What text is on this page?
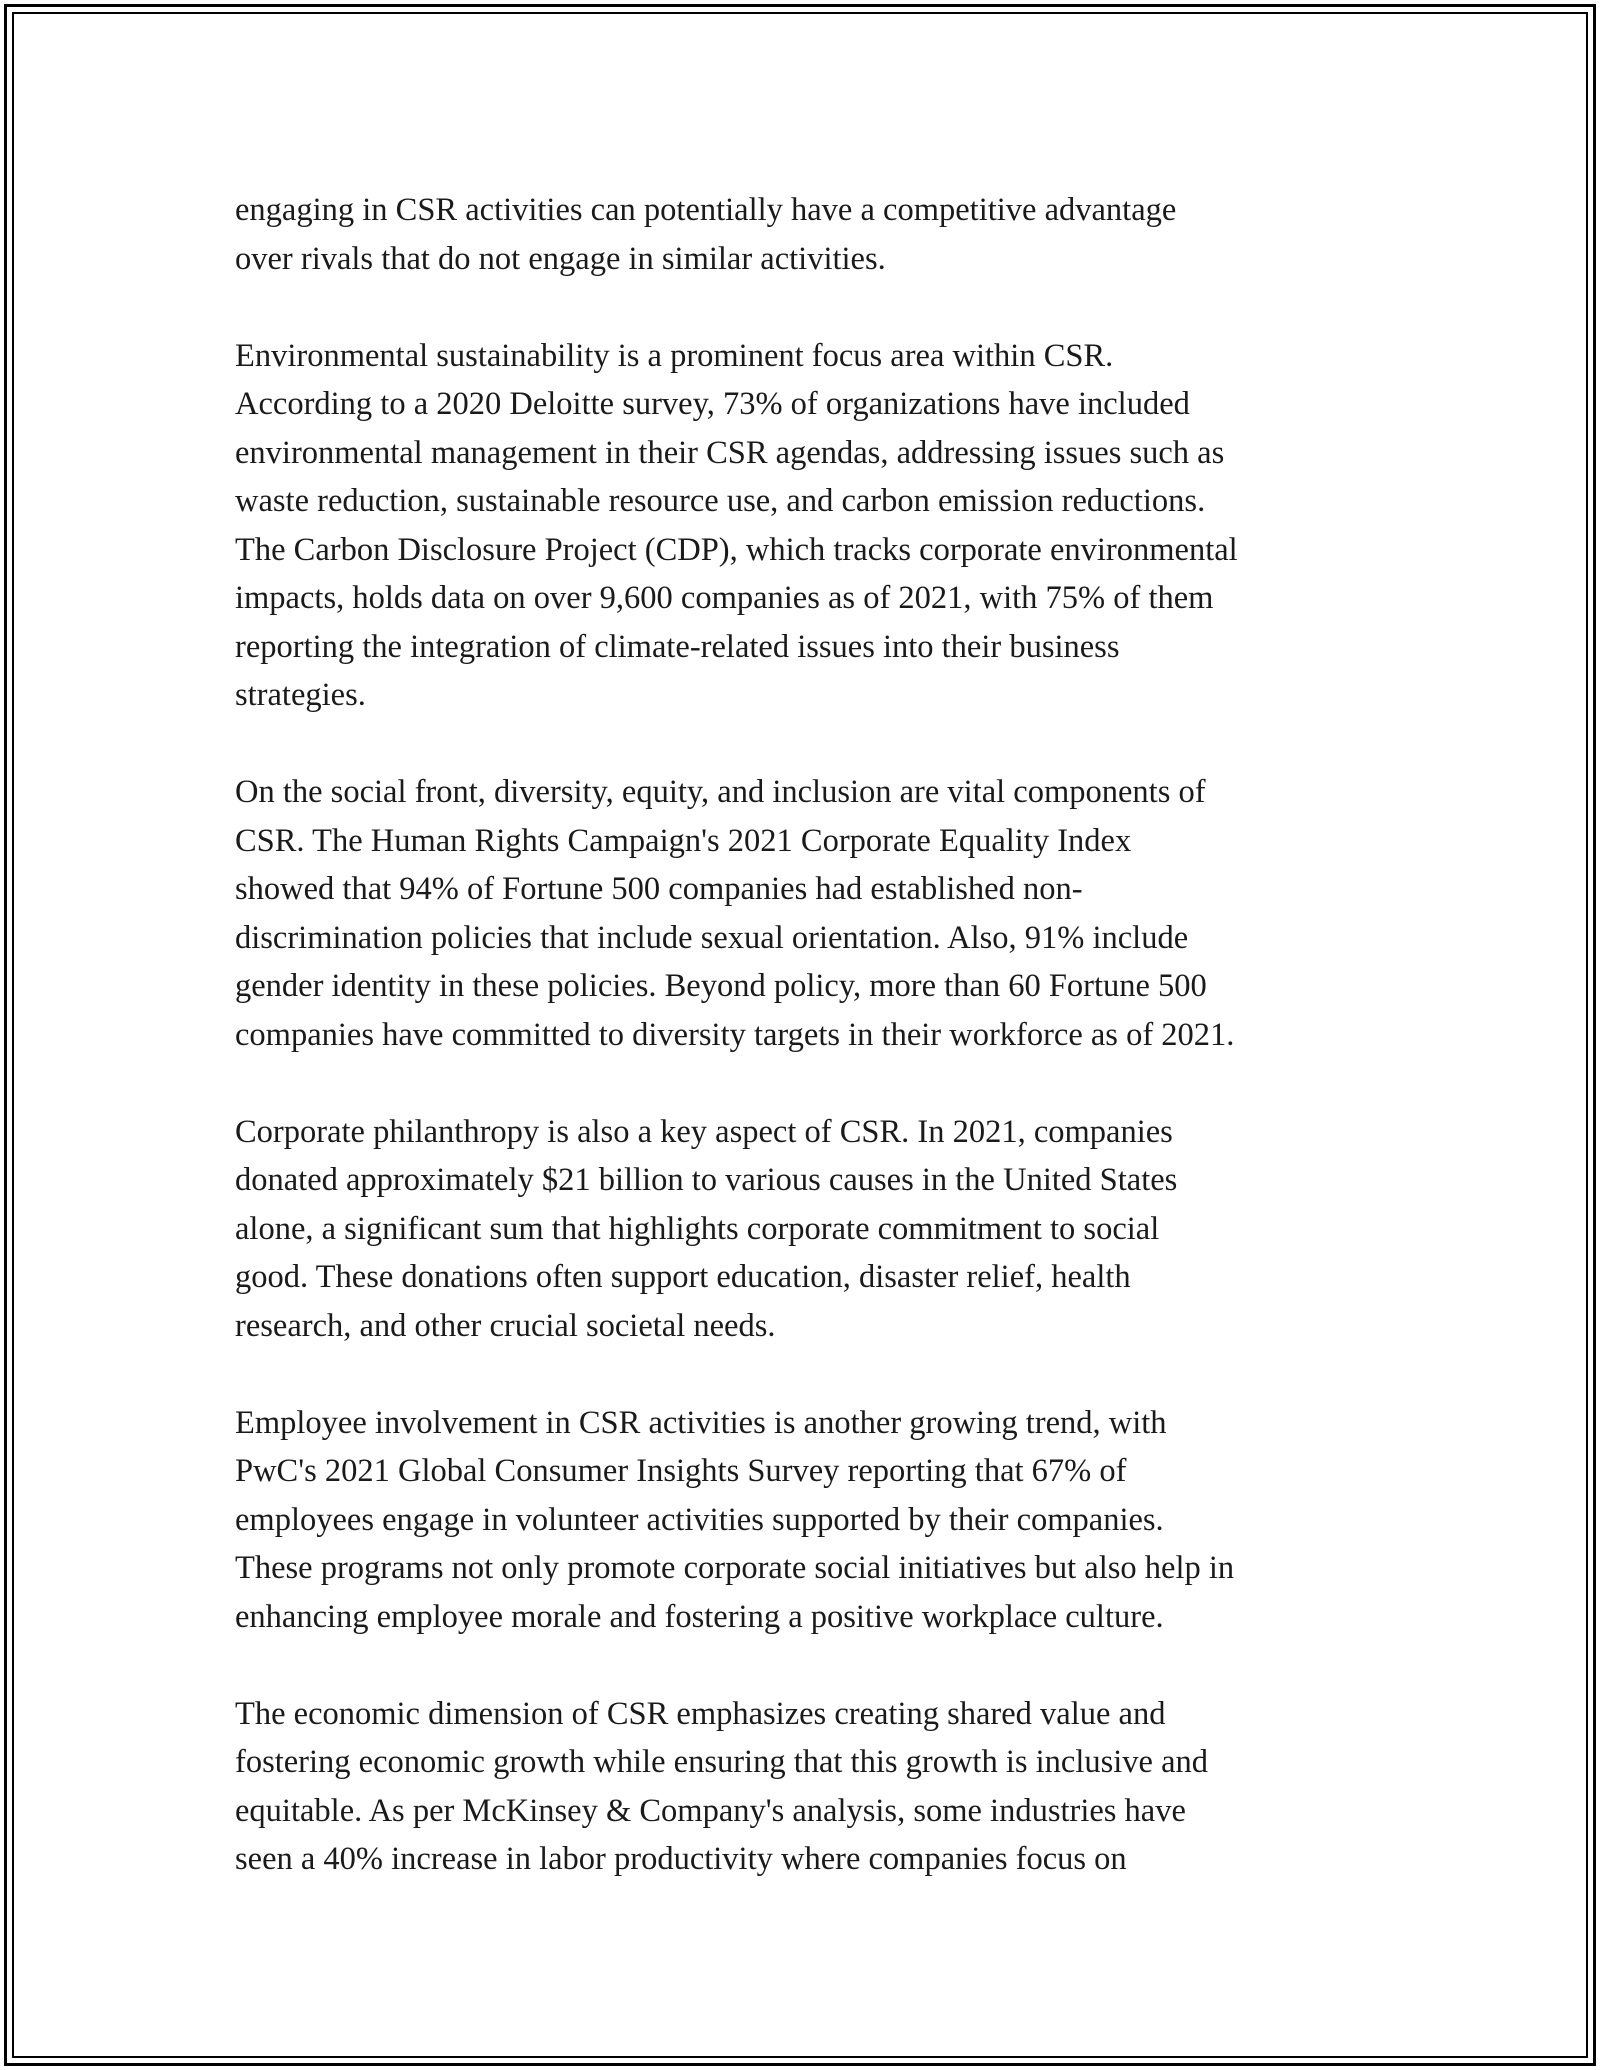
engaging in CSR activities can potentially have a competitive advantage
over rivals that do not engage in similar activities.

Environmental sustainability is a prominent focus area within CSR.
According to a 2020 Deloitte survey, 73% of organizations have included
environmental management in their CSR agendas, addressing issues such as
waste reduction, sustainable resource use, and carbon emission reductions.
The Carbon Disclosure Project (CDP), which tracks corporate environmental
impacts, holds data on over 9,600 companies as of 2021, with 75% of them
reporting the integration of climate-related issues into their business
strategies.

On the social front, diversity, equity, and inclusion are vital components of
CSR. The Human Rights Campaign's 2021 Corporate Equality Index
showed that 94% of Fortune 500 companies had established non-
discrimination policies that include sexual orientation. Also, 91% include
gender identity in these policies. Beyond policy, more than 60 Fortune 500
companies have committed to diversity targets in their workforce as of 2021.

Corporate philanthropy is also a key aspect of CSR. In 2021, companies
donated approximately $21 billion to various causes in the United States
alone, a significant sum that highlights corporate commitment to social
good. These donations often support education, disaster relief, health
research, and other crucial societal needs.

Employee involvement in CSR activities is another growing trend, with
PwC's 2021 Global Consumer Insights Survey reporting that 67% of
employees engage in volunteer activities supported by their companies.
These programs not only promote corporate social initiatives but also help in
enhancing employee morale and fostering a positive workplace culture.

The economic dimension of CSR emphasizes creating shared value and
fostering economic growth while ensuring that this growth is inclusive and
equitable. As per McKinsey & Company's analysis, some industries have
seen a 40% increase in labor productivity where companies focus on
